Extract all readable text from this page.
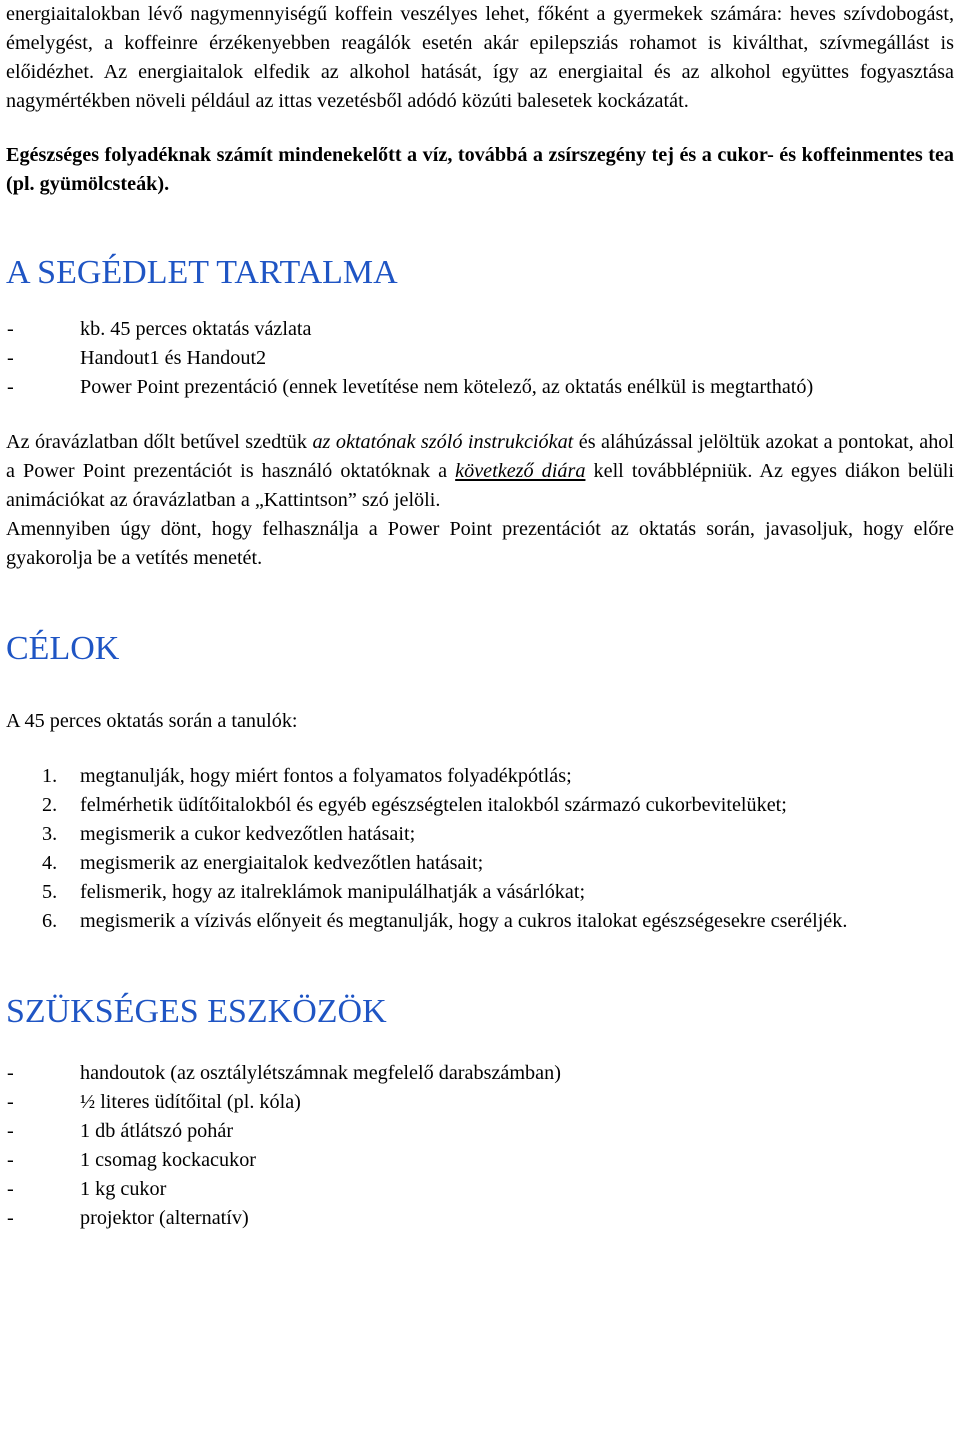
energiaitalokban lévő nagymennyiségű koffein veszélyes lehet, főként a gyermekek számára: heves szívdobogást, émelygést, a koffeinre érzékenyebben reagálók esetén akár epilepsziás rohamot is kiválthat, szívmegállást is előidézhet. Az energiaitalok elfedik az alkohol hatását, így az energiaital és az alkohol együttes fogyasztása nagymértékben növeli például az ittas vezetésből adódó közúti balesetek kockázatát.

Egészséges folyadéknak számít mindenekelőtt a víz, továbbá a zsírszegény tej és a cukor- és koffeinmentes tea (pl. gyümölcsteák).

A SEGÉDLET TARTALMA
-	kb. 45 perces oktatás vázlata
-	Handout1 és Handout2
-	Power Point prezentáció (ennek levetítése nem kötelező, az oktatás enélkül is megtartható)

Az óravázlatban dőlt betűvel szedtük az oktatónak szóló instrukciókat és aláhúzással jelöltük azokat a pontokat, ahol a Power Point prezentációt is használó oktatóknak a következő diára kell továbblépniük. Az egyes diákon belüli animációkat az óravázlatban a „Kattintson” szó jelöli.

Amennyiben úgy dönt, hogy felhasználja a Power Point prezentációt az oktatás során, javasoljuk, hogy előre gyakorolja be a vetítés menetét.

CÉLOK

A 45 perces oktatás során a tanulók:

1.	megtanulják, hogy miért fontos a folyamatos folyadékpótlás;
2.	felmérhetik üdítőitalokból és egyéb egészségtelen italokból származó cukorbevitelüket;
3.	megismerik a cukor kedvezőtlen hatásait;
4.	megismerik az energiaitalok kedvezőtlen hatásait;
5.	felismerik, hogy az italreklámok manipulálhatják a vásárlókat;
6.	megismerik a vízivás előnyeit és megtanulják, hogy a cukros italokat egészségesekre cseréljék.
SZÜKSÉGES ESZKÖZÖK
-	handoutok (az osztálylétszámnak megfelelő darabszámban)
-	½ literes üdítőital (pl. kóla)
-	1 db átlátszó pohár
-	1 csomag kockacukor
-	1 kg cukor
-	projektor (alternatív)
